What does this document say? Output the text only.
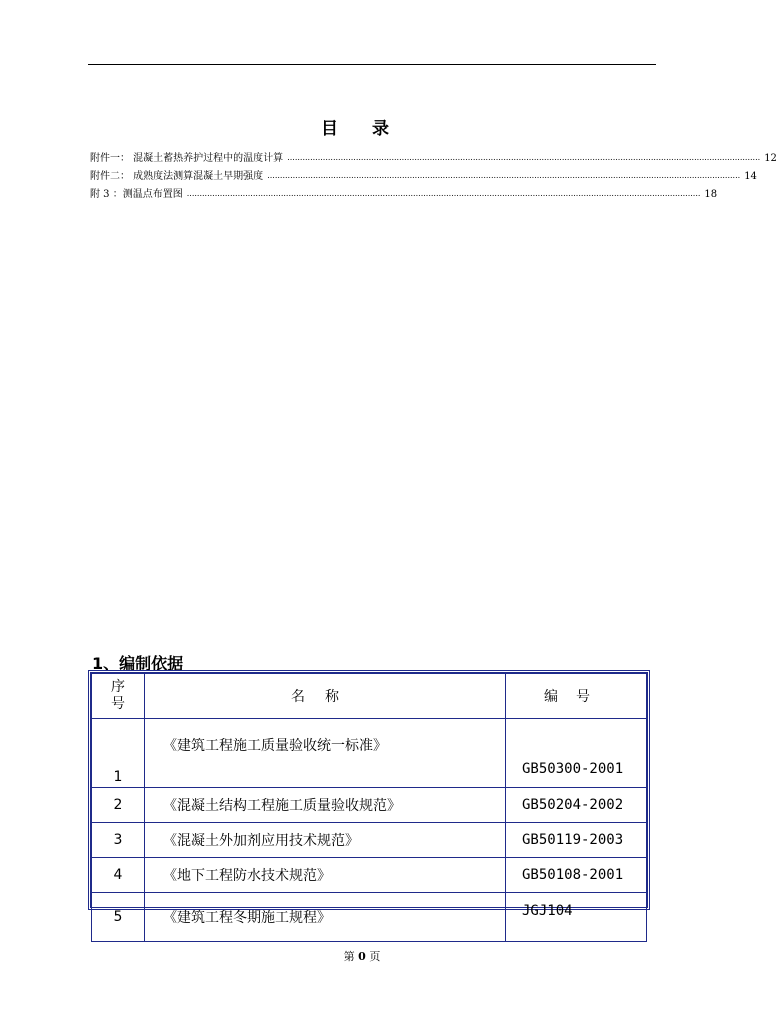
目 录
附件一： 混凝土蓄热养护过程中的温度计算 .......................................................................................................................................................................................... 12
附件二： 成熟度法测算混凝土早期强度 .......................................................................................................................................................................................... 14
附 3 ：测温点布置图 .......................................................................................................................................................................................................... 18
1、编制依据
序
号	名称	编号
1	《建筑工程施工质量验收统一标准》	GB50300-2001
2	《混凝土结构工程施工质量验收规范》	GB50204-2002
3	《混凝土外加剂应用技术规范》	GB50119-2003
4	《地下工程防水技术规范》	GB50108-2001
5	《建筑工程冬期施工规程》	JGJ104
第 0 页
